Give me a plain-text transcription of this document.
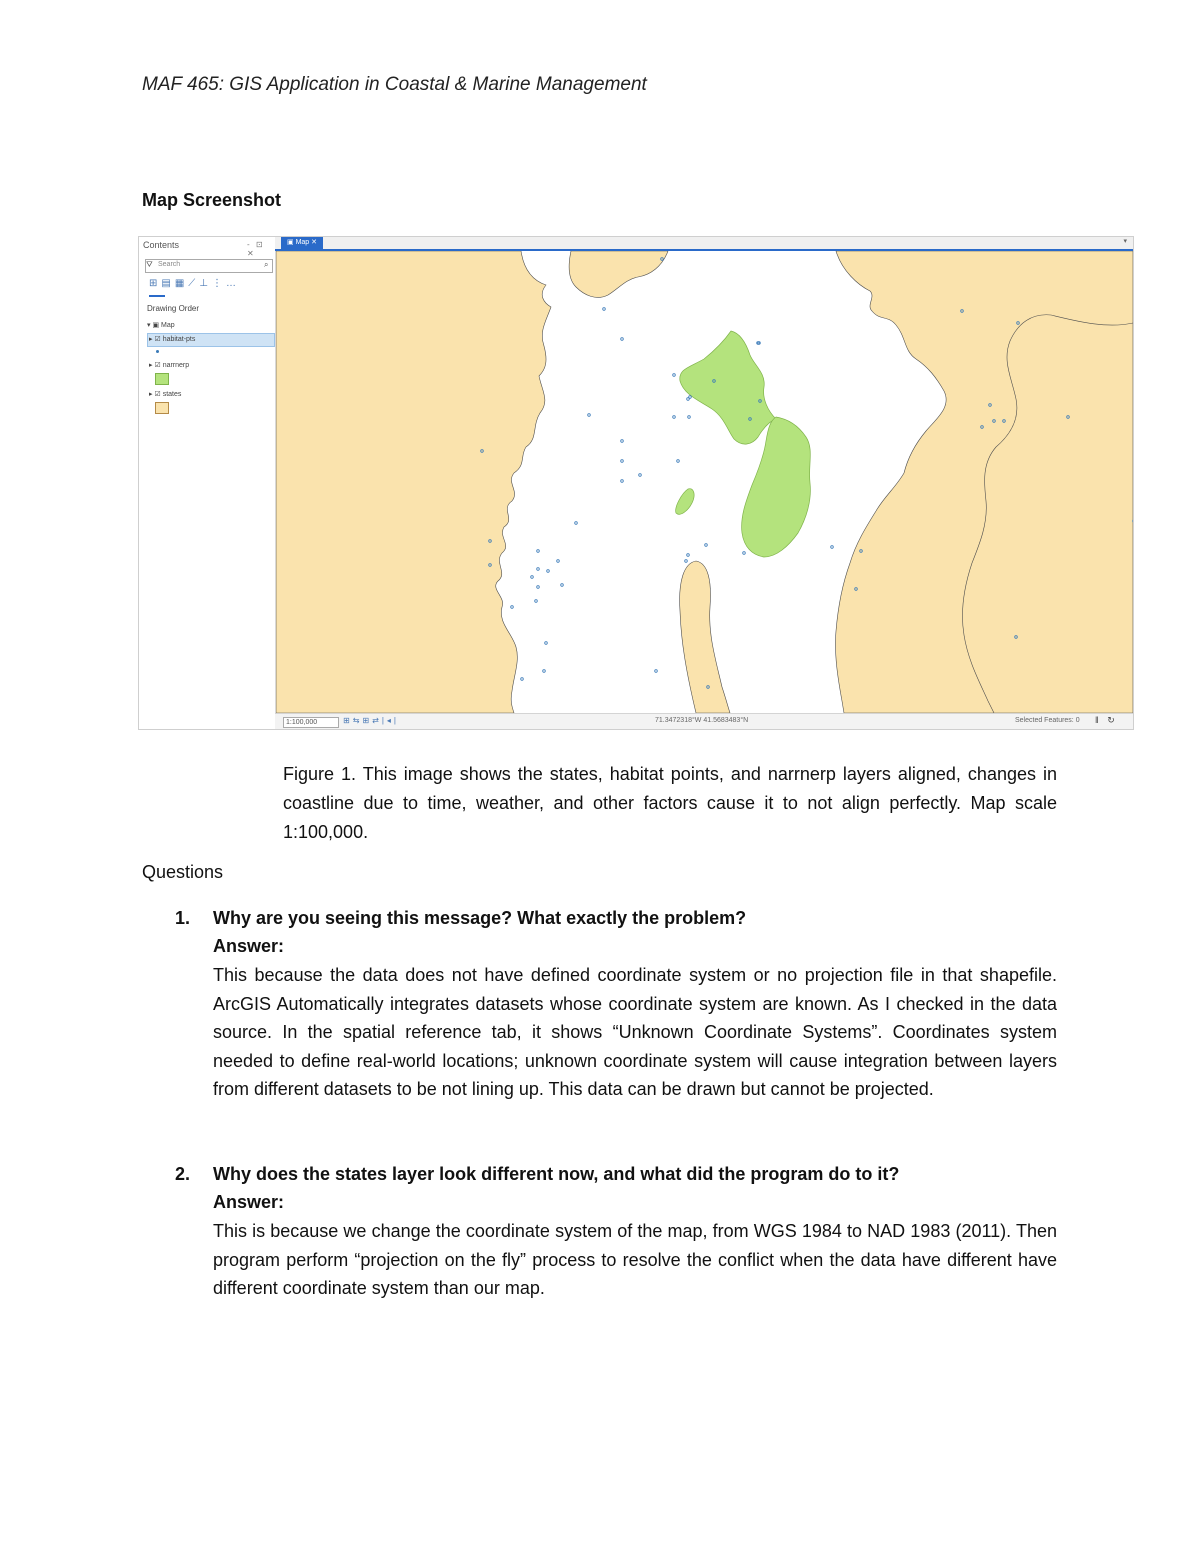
MAF 465: GIS Application in Coastal & Marine Management
Map Screenshot
Contents	- ⊡ ✕
⛛ Search	⌕
⊞▤▦⟋⊥⋮…
Drawing Order
▾ ▣ Map
▸ ☑ habitat-pts
▸ ☑ narrnerp
▸ ☑ states
▣ Map ✕	▾
1:100,000	⊞⇆⊞⇄|◂|	71.3472318°W 41.5683483°N	Selected Features: 0 ‖ ↻
Figure 1. This image shows the states, habitat points, and narrnerp layers aligned, changes in coastline due to time, weather, and other factors cause it to not align perfectly. Map scale 1:100,000.
Questions
1. Why are you seeing this message? What exactly the problem?
Answer:
This because the data does not have defined coordinate system or no projection file in that shapefile. ArcGIS Automatically integrates datasets whose coordinate system are known. As I checked in the data source. In the spatial reference tab, it shows “Unknown Coordinate Systems”. Coordinates system needed to define real-world locations; unknown coordinate system will cause integration between layers from different datasets to be not lining up. This data can be drawn but cannot be projected.
2. Why does the states layer look different now, and what did the program do to it?
Answer:
This is because we change the coordinate system of the map, from WGS 1984 to NAD 1983 (2011). Then program perform “projection on the fly” process to resolve the conflict when the data have different have different coordinate system than our map.
